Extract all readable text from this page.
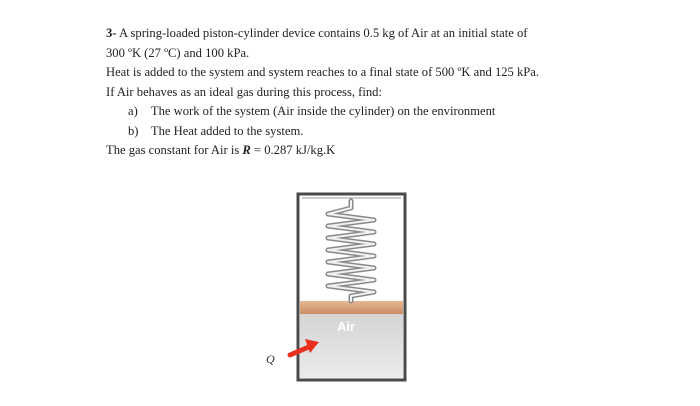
3- A spring-loaded piston-cylinder device contains 0.5 kg of Air at an initial state of
300 ºK (27 ºC) and 100 kPa.
Heat is added to the system and system reaches to a final state of 500 ºK and 125 kPa.
If Air behaves as an ideal gas during this process, find:
a) The work of the system (Air inside the cylinder) on the environment
b) The Heat added to the system.
The gas constant for Air is R = 0.287 kJ/kg.K
Air
Q
